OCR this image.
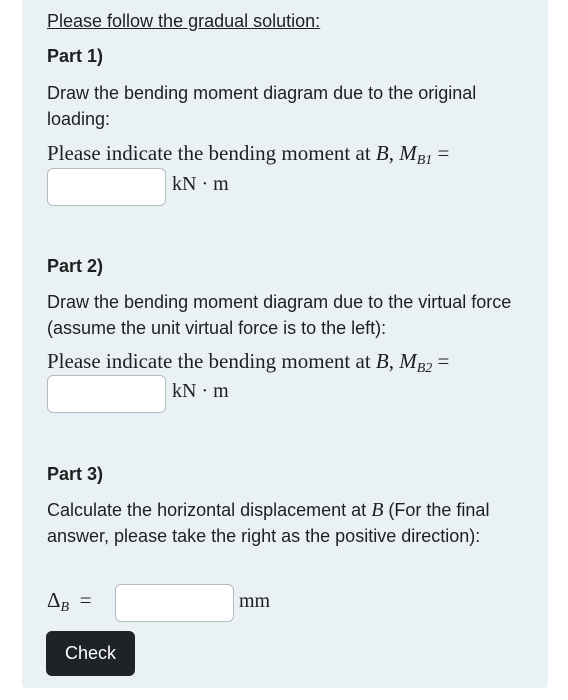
Please follow the gradual solution:

Part 1)

Draw the bending moment diagram due to the original loading:

Please indicate the bending moment at B, $M_{B1}$ =

kN · m

Part 2)

Draw the bending moment diagram due to the virtual force (assume the unit virtual force is to the left):

Please indicate the bending moment at B, $M_{B2}$ =

kN · m

Part 3)

Calculate the horizontal displacement at B (For the final answer, please take the right as the positive direction):

$\Delta_B$ =	mm
Check
